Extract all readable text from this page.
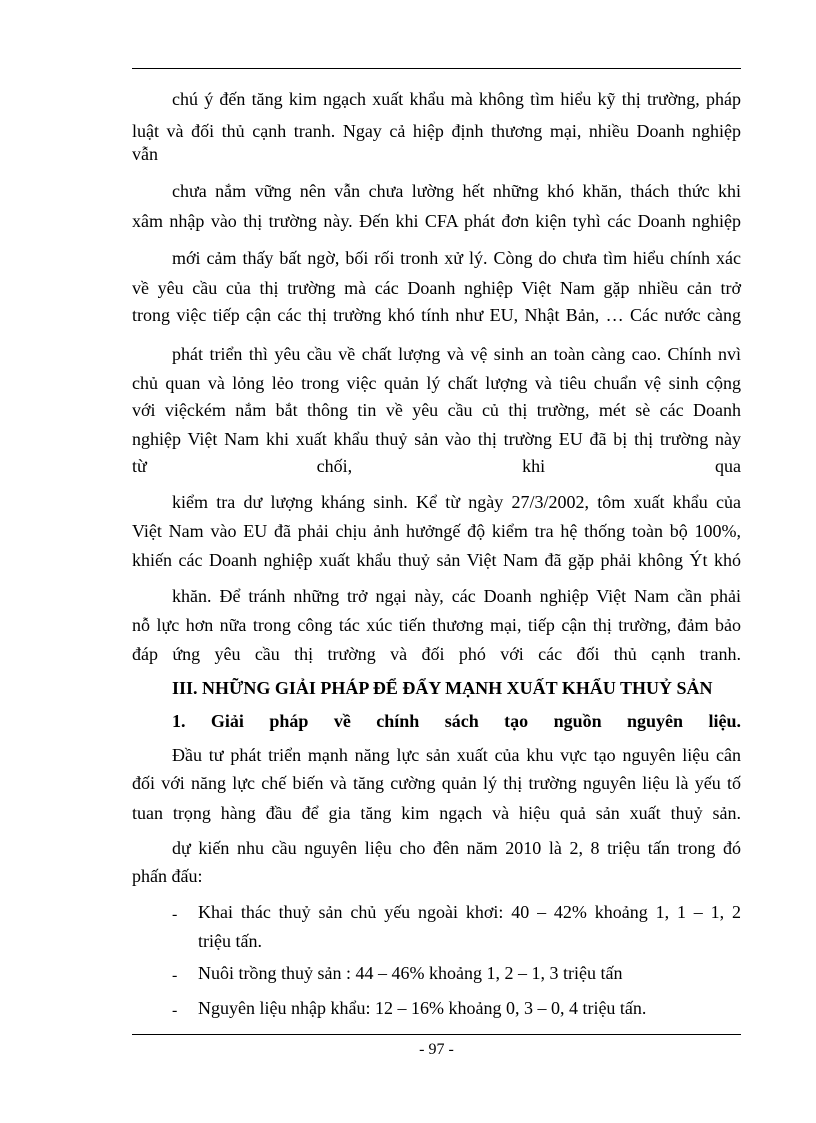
chú ý đến tăng kim ngạch xuất khẩu mà không tìm hiểu kỹ thị trường, pháp
luật và đối thủ cạnh tranh. Ngay cả hiệp định thương mại, nhiều Doanh nghiệp
vẫn
chưa nắm vững nên vẫn chưa lường hết những khó khăn, thách thức khi
xâm nhập vào thị trường này. Đến khi CFA phát đơn kiện tyhì các Doanh nghiệp
mới cảm thấy bất ngờ, bối rối tronh xử lý. Còng do chưa tìm hiểu chính xác
về yêu cầu của thị trường mà các Doanh nghiệp Việt Nam gặp nhiều cản trở
trong việc tiếp cận các thị trường khó tính như EU, Nhật Bản, … Các nước càng
phát triển thì yêu cầu về chất lượng và vệ sinh an toàn càng cao. Chính nvì
chủ quan và lỏng lẻo trong việc quản lý chất lượng và tiêu chuẩn vệ sinh cộng
với việckém nắm bắt thông tin về yêu cầu củ thị trường, mét sè các Doanh
nghiệp Việt Nam khi xuất khẩu thuỷ sản vào thị trường EU đã bị thị trường này
từ chối, khi qua
kiểm tra dư lượng kháng sinh. Kể từ ngày 27/3/2002, tôm xuất khẩu của
Việt Nam vào EU đã phải chịu ảnh hưởngế độ kiểm tra hệ thống toàn bộ 100%,
khiến các Doanh nghiệp xuất khẩu thuỷ sản Việt Nam đã gặp phải không Ýt khó
khăn. Để tránh những trở ngại này, các Doanh nghiệp Việt Nam cần phải
nỗ lực hơn nữa trong công tác xúc tiến thương mại, tiếp cận thị trường, đảm bảo
đáp ứng yêu cầu thị trường và đối phó với các đối thủ cạnh tranh.
III. NHỮNG GIẢI PHÁP ĐỂ ĐẨY MẠNH XUẤT KHẨU THUỶ SẢN
1. Giải pháp về chính sách tạo nguồn nguyên liệu.
Đầu tư phát triển mạnh năng lực sản xuất của khu vực tạo nguyên liệu cân
đối với năng lực chế biến và tăng cường quản lý thị trường nguyên liệu là yếu tố
tuan trọng hàng đầu để gia tăng kim ngạch và hiệu quả sản xuất thuỷ sản.
dự kiến nhu cầu nguyên liệu cho đên năm 2010 là 2, 8 triệu tấn trong đó
phấn đấu:
-	Khai thác thuỷ sản chủ yếu ngoài khơi: 40 – 42% khoảng 1, 1 – 1, 2
triệu tấn.
-	Nuôi trồng thuỷ sản : 44 – 46% khoảng 1, 2 – 1, 3 triệu tấn
-	Nguyên liệu nhập khẩu: 12 – 16% khoảng 0, 3 – 0, 4 triệu tấn.
- 97 -
